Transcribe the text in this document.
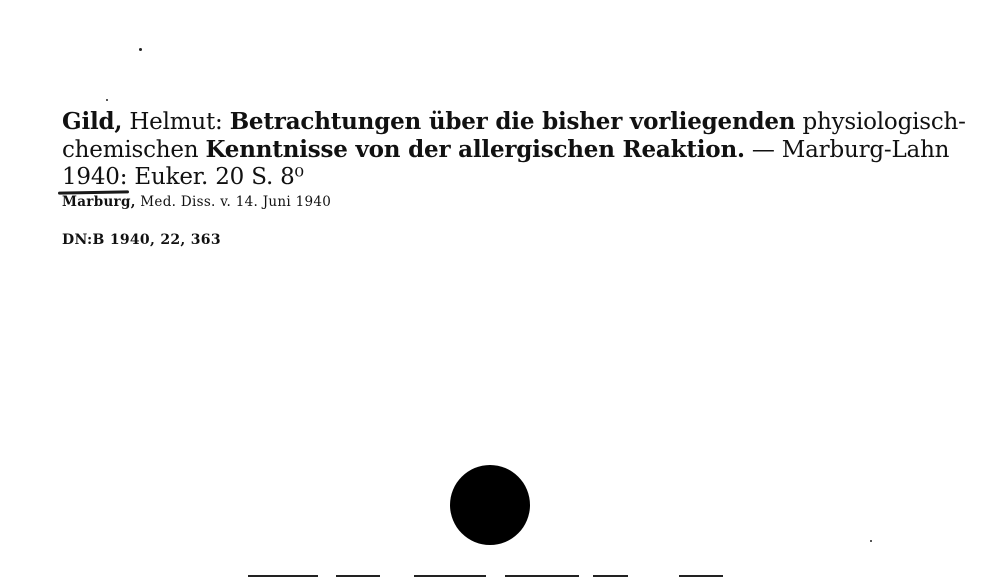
Gild, Helmut: Betrachtungen über die bisher vorliegenden physiologisch-
chemischen Kenntnisse von der allergischen Reaktion. — Marburg-Lahn
1940:
Euker. 20 S. 8⁰
Marburg, Med. Diss. v. 14. Juni 1940
DN:B 1940, 22, 363
